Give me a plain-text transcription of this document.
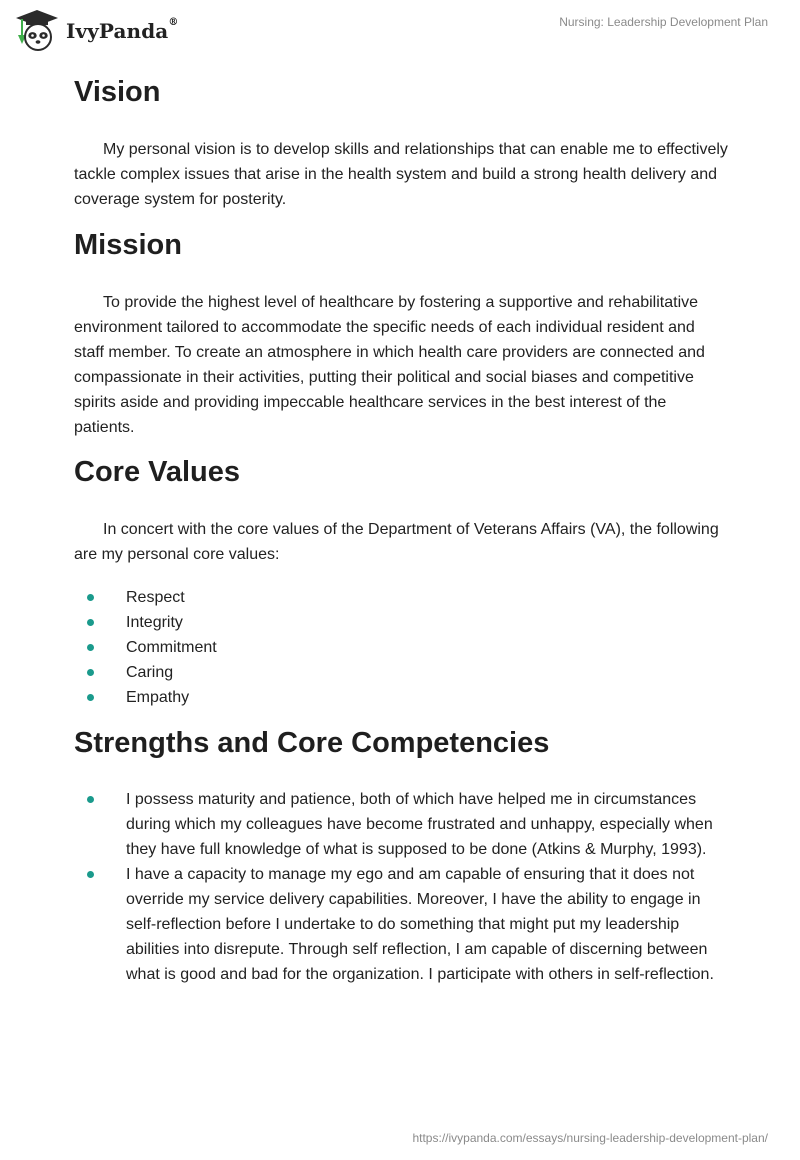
IvyPanda®	Nursing: Leadership Development Plan
Vision

My personal vision is to develop skills and relationships that can enable me to effectively tackle complex issues that arise in the health system and build a strong health delivery and coverage system for posterity.

Mission

To provide the highest level of healthcare by fostering a supportive and rehabilitative environment tailored to accommodate the specific needs of each individual resident and staff member. To create an atmosphere in which health care providers are connected and compassionate in their activities, putting their political and social biases and competitive spirits aside and providing impeccable healthcare services in the best interest of the patients.

Core Values

In concert with the core values of the Department of Veterans Affairs (VA), the following are my personal core values:

Respect
Integrity
Commitment
Caring
Empathy
Strengths and Core Competencies
I possess maturity and patience, both of which have helped me in circumstances during which my colleagues have become frustrated and unhappy, especially when they have full knowledge of what is supposed to be done (Atkins & Murphy, 1993).
I have a capacity to manage my ego and am capable of ensuring that it does not override my service delivery capabilities. Moreover, I have the ability to engage in self-reflection before I undertake to do something that might put my leadership abilities into disrepute. Through self reflection, I am capable of discerning between what is good and bad for the organization. I participate with others in self-reflection.
https://ivypanda.com/essays/nursing-leadership-development-plan/
